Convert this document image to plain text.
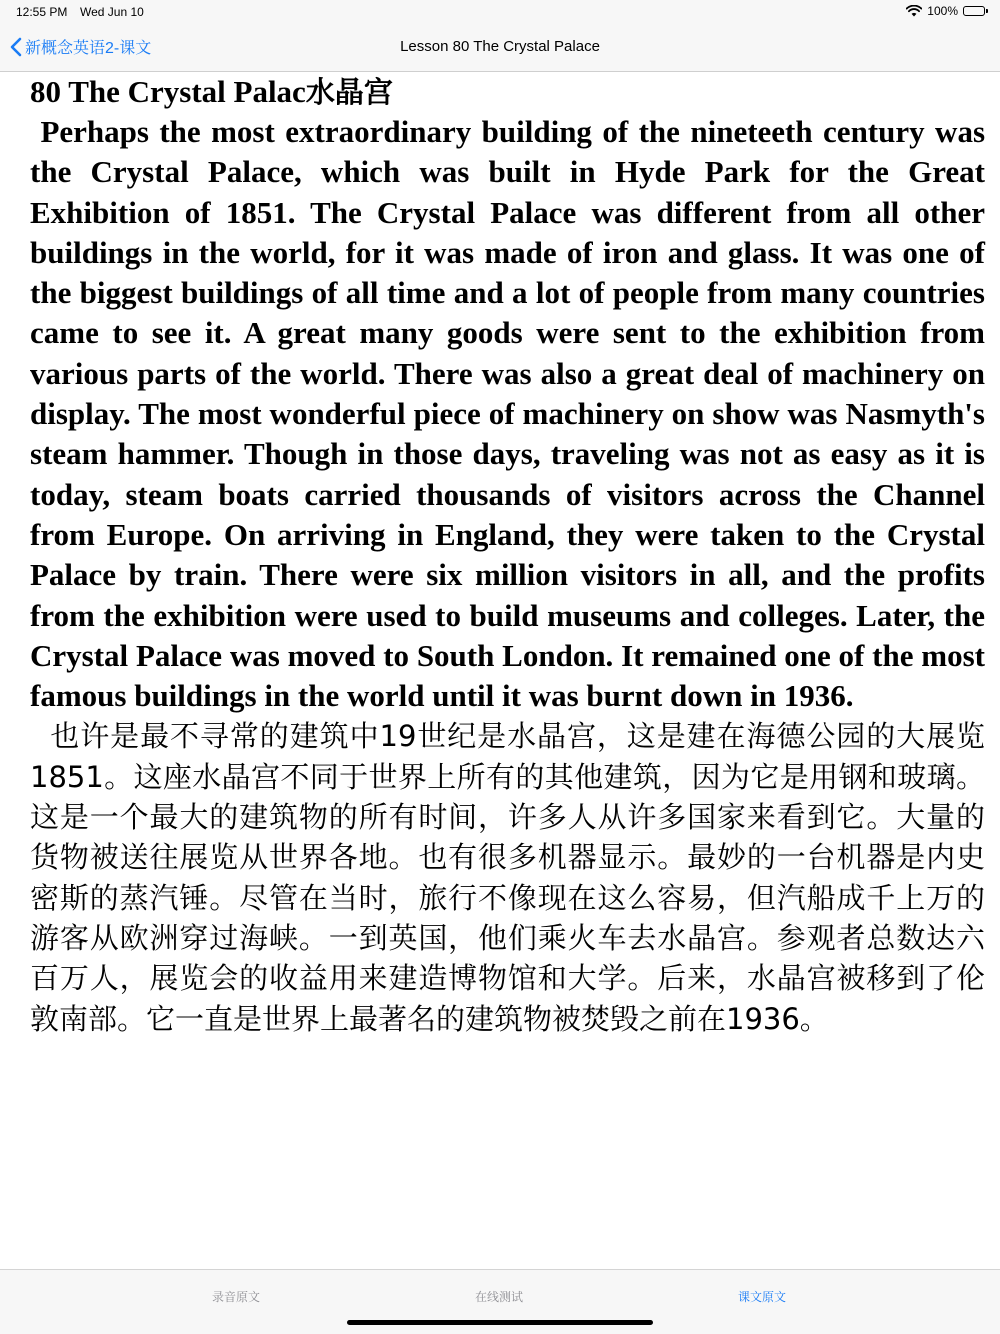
12:55 PM Wed Jun 10	100%
新概念英语2-课文	Lesson 80 The Crystal Palace
80 The Crystal Palac水晶宫

Perhaps the most extraordinary building of the nineteeth century was the Crystal Palace, which was built in Hyde Park for the Great Exhibition of 1851. The Crystal Palace was different from all other buildings in the world, for it was made of iron and glass. It was one of the biggest buildings of all time and a lot of people from many countries came to see it. A great many goods were sent to the exhibition from various parts of the world. There was also a great deal of machinery on display. The most wonderful piece of machinery on show was Nasmyth's steam hammer. Though in those days, traveling was not as easy as it is today, steam boats carried thousands of visitors across the Channel from Europe. On arriving in England, they were taken to the Crystal Palace by train. There were six million visitors in all, and the profits from the exhibition were used to build museums and colleges. Later, the Crystal Palace was moved to South London. It remained one of the most famous buildings in the world until it was burnt down in 1936.

也许是最不寻常的建筑中19世纪是水晶宫，这是建在海德公园的大展览1851。这座水晶宫不同于世界上所有的其他建筑，因为它是用钢和玻璃。这是一个最大的建筑物的所有时间，许多人从许多国家来看到它。大量的货物被送往展览从世界各地。也有很多机器显示。最妙的一台机器是内史密斯的蒸汽锤。尽管在当时，旅行不像现在这么容易，但汽船成千上万的游客从欧洲穿过海峡。一到英国，他们乘火车去水晶宫。参观者总数达六百万人，展览会的收益用来建造博物馆和大学。后来，水晶宫被移到了伦敦南部。它一直是世界上最著名的建筑物被焚毁之前在1936。

录音原文	在线测试	课文原文
